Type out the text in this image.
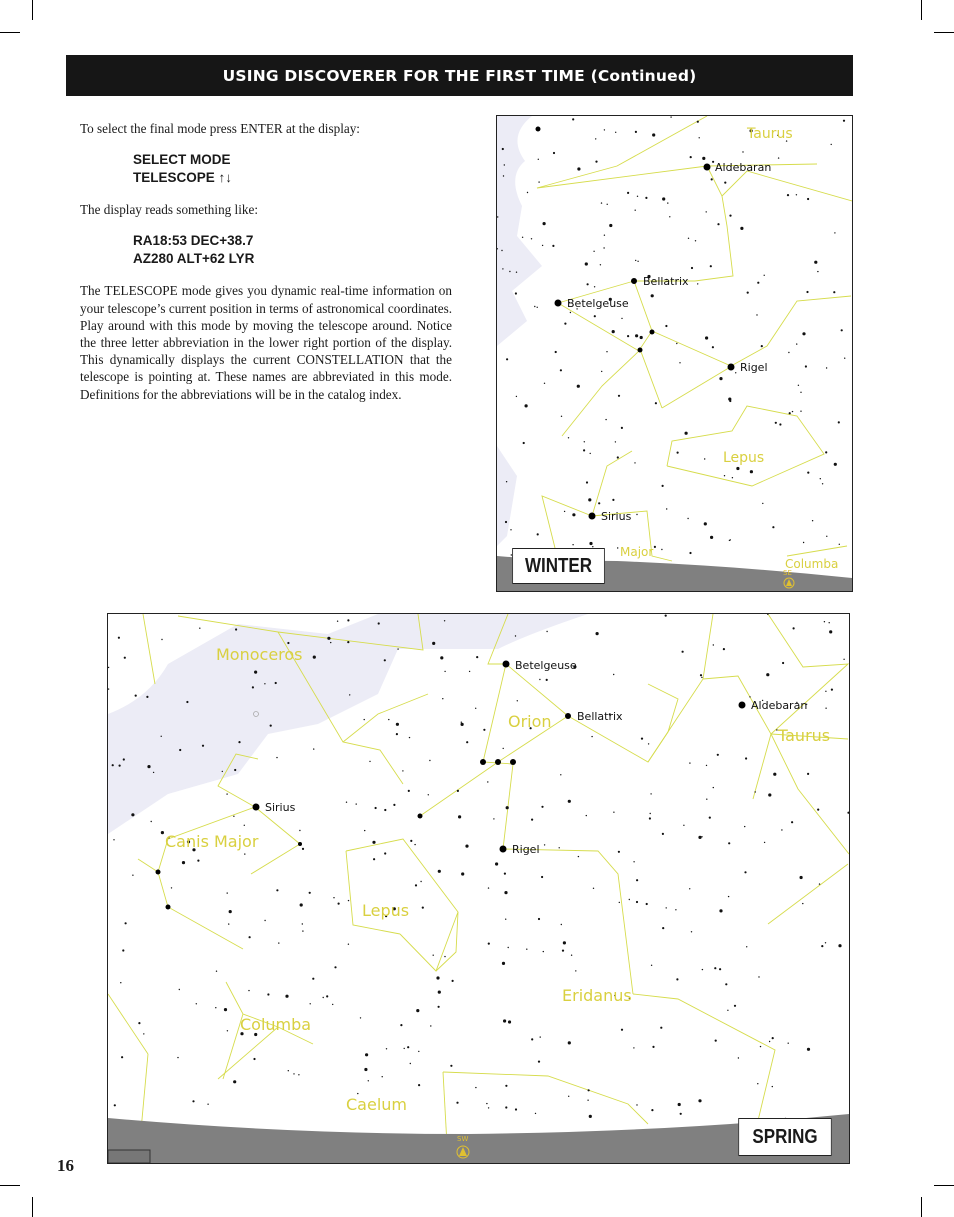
USING DISCOVERER FOR THE FIRST TIME (Continued)

To select the final mode press ENTER at the display:

SELECT MODE
TELESCOPE ↑↓

The display reads something like:

RA18:53 DEC+38.7
AZ280 ALT+62 LYR

The TELESCOPE mode gives you dynamic real-time information on your telescope’s current position in terms of astronomical coordinates. Play around with this mode by moving the telescope around. Notice the three letter abbreviation in the lower right portion of the display. This dynamically displays the current CONSTELLATION that the telescope is pointing at. These names are abbreviated in this mode. Definitions for the abbreviations will be in the catalog index.

Aldebaran
Bellatrix
Betelgeuse
Rigel
Sirius
Taurus
Lepus
Major
Columba
SE
WINTER
Betelgeuse
Bellatrix
Aldebaran
Sirius
Rigel
Monoceros
Orion
Taurus
Canis Major
Lepus
Eridanus
Columba
Caelum
SW	SPRING
16
